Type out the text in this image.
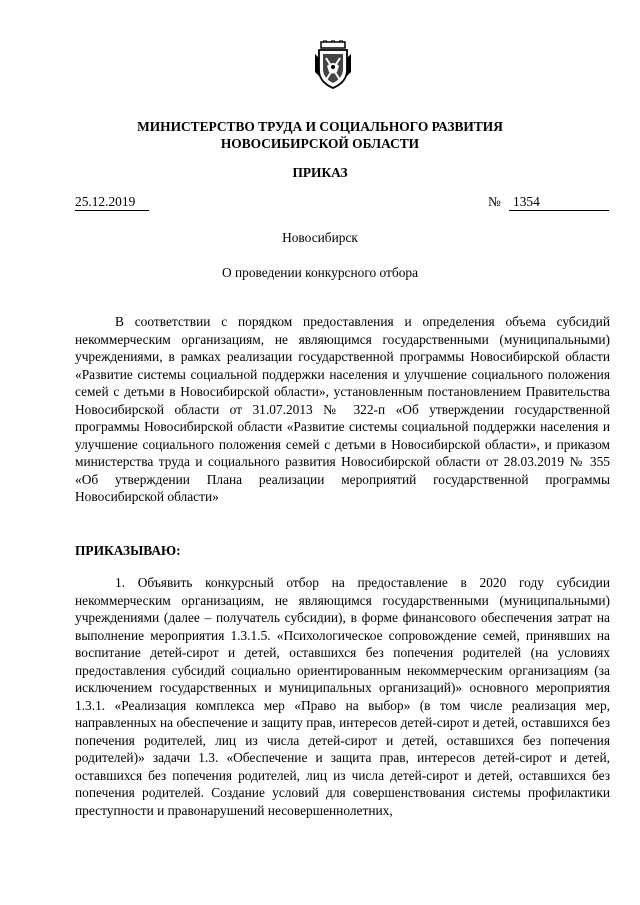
МИНИСТЕРСТВО ТРУДА И СОЦИАЛЬНОГО РАЗВИТИЯ
НОВОСИБИРСКОЙ ОБЛАСТИ
ПРИКАЗ
25.12.2019	№ 1354
Новосибирск
О проведении конкурсного отбора

В соответствии с порядком предоставления и определения объема субсидий некоммерческим организациям, не являющимся государственными (муниципальными) учреждениями, в рамках реализации государственной программы Новосибирской области «Развитие системы социальной поддержки населения и улучшение социального положения семей с детьми в Новосибирской области», установленным постановлением Правительства Новосибирской области от 31.07.2013 № 322-п «Об утверждении государственной программы Новосибирской области «Развитие системы социальной поддержки населения и улучшение социального положения семей с детьми в Новосибирской области», и приказом министерства труда и социального развития Новосибирской области от 28.03.2019 № 355 «Об утверждении Плана реализации мероприятий государственной программы Новосибирской области»

ПРИКАЗЫВАЮ:

1. Объявить конкурсный отбор на предоставление в 2020 году субсидии некоммерческим организациям, не являющимся государственными (муниципальными) учреждениями (далее – получатель субсидии), в форме финансового обеспечения затрат на выполнение мероприятия 1.3.1.5. «Психологическое сопровождение семей, принявших на воспитание детей-сирот и детей, оставшихся без попечения родителей (на условиях предоставления субсидий социально ориентированным некоммерческим организациям (за исключением государственных и муниципальных организаций)» основного мероприятия 1.3.1. «Реализация комплекса мер «Право на выбор» (в том числе реализация мер, направленных на обеспечение и защиту прав, интересов детей-сирот и детей, оставшихся без попечения родителей, лиц из числа детей-сирот и детей, оставшихся без попечения родителей)» задачи 1.3. «Обеспечение и защита прав, интересов детей-сирот и детей, оставшихся без попечения родителей, лиц из числа детей-сирот и детей, оставшихся без попечения родителей. Создание условий для совершенствования системы профилактики преступности и правонарушений несовершеннолетних,
